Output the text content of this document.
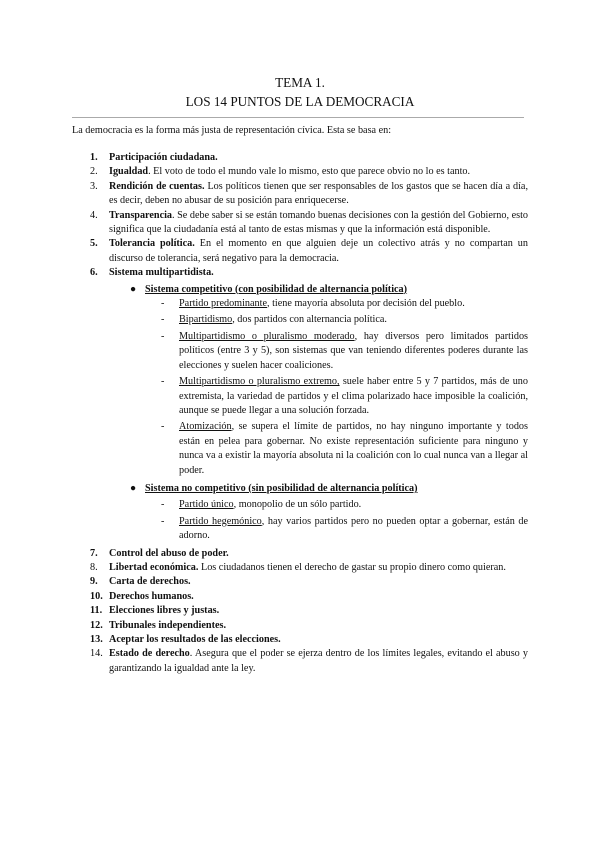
TEMA 1.
LOS 14 PUNTOS DE LA DEMOCRACIA
La democracia es la forma más justa de representación cívica. Esta se basa en:
1. Participación ciudadana.
2. Igualdad. El voto de todo el mundo vale lo mismo, esto que parece obvio no lo es tanto.
3. Rendición de cuentas. Los políticos tienen que ser responsables de los gastos que se hacen día a día, es decir, deben no abusar de su posición para enriquecerse.
4. Transparencia. Se debe saber si se están tomando buenas decisiones con la gestión del Gobierno, esto significa que la ciudadanía está al tanto de estas mismas y que la información está disponible.
5. Tolerancia política. En el momento en que alguien deje un colectivo atrás y no compartan un discurso de tolerancia, será negativo para la democracia.
6. Sistema multipartidista.
● Sistema competitivo (con posibilidad de alternancia política)
- Partido predominante, tiene mayoría absoluta por decisión del pueblo.
- Bipartidismo, dos partidos con alternancia política.
- Multipartidismo o pluralismo moderado, hay diversos pero limitados partidos políticos (entre 3 y 5), son sistemas que van teniendo diferentes poderes durante las elecciones y suelen hacer coaliciones.
- Multipartidismo o pluralismo extremo, suele haber entre 5 y 7 partidos, más de uno extremista, la variedad de partidos y el clima polarizado hace imposible la coalición, aunque se puede llegar a una solución forzada.
- Atomización, se supera el límite de partidos, no hay ninguno importante y todos están en pelea para gobernar. No existe representación suficiente para ninguno y nunca va a existir la mayoría absoluta ni la coalición con lo cual nunca van a llegar al poder.
● Sistema no competitivo (sin posibilidad de alternancia política)
- Partido único, monopolio de un sólo partido.
- Partido hegemónico, hay varios partidos pero no pueden optar a gobernar, están de adorno.
7. Control del abuso de poder.
8. Libertad económica. Los ciudadanos tienen el derecho de gastar su propio dinero como quieran.
9. Carta de derechos.
10. Derechos humanos.
11. Elecciones libres y justas.
12. Tribunales independientes.
13. Aceptar los resultados de las elecciones.
14. Estado de derecho. Asegura que el poder se ejerza dentro de los límites legales, evitando el abuso y garantizando la igualdad ante la ley.
